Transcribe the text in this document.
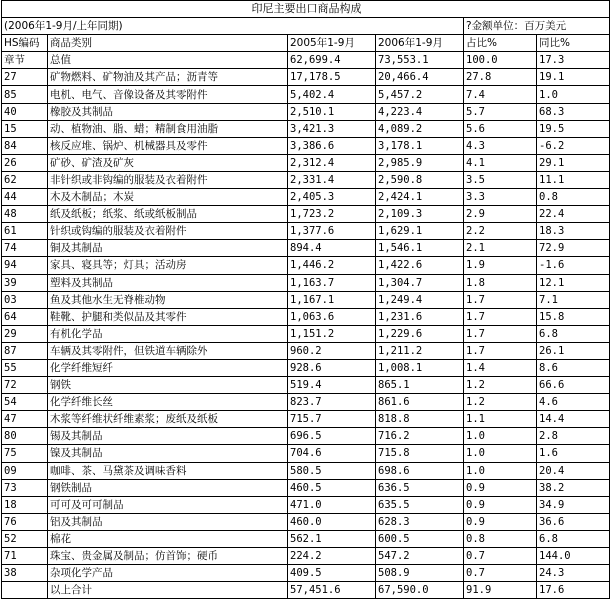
印尼主要出口商品构成					
(2006年1-9月/上年同期)				?金额单位：百万美元	
HS编码	商品类别	2005年1-9月	2006年1-9月	占比%	同比%
章节	总值	62,699.4	73,553.1	100.0	17.3
27	矿物燃料、矿物油及其产品；沥青等	17,178.5	20,466.4	27.8	19.1
85	电机、电气、音像设备及其零附件	5,402.4	5,457.2	7.4	1.0
40	橡胶及其制品	2,510.1	4,223.4	5.7	68.3
15	动、植物油、脂、蜡；精制食用油脂	3,421.3	4,089.2	5.6	19.5
84	核反应堆、锅炉、机械器具及零件	3,386.6	3,178.1	4.3	-6.2
26	矿砂、矿渣及矿灰	2,312.4	2,985.9	4.1	29.1
62	非针织或非钩编的服装及衣着附件	2,331.4	2,590.8	3.5	11.1
44	木及木制品；木炭	2,405.3	2,424.1	3.3	0.8
48	纸及纸板；纸浆、纸或纸板制品	1,723.2	2,109.3	2.9	22.4
61	针织或钩编的服装及衣着附件	1,377.6	1,629.1	2.2	18.3
74	铜及其制品	894.4	1,546.1	2.1	72.9
94	家具、寝具等；灯具；活动房	1,446.2	1,422.6	1.9	-1.6
39	塑料及其制品	1,163.7	1,304.7	1.8	12.1
03	鱼及其他水生无脊椎动物	1,167.1	1,249.4	1.7	7.1
64	鞋靴、护腿和类似品及其零件	1,063.6	1,231.6	1.7	15.8
29	有机化学品	1,151.2	1,229.6	1.7	6.8
87	车辆及其零附件，但铁道车辆除外	960.2	1,211.2	1.7	26.1
55	化学纤维短纤	928.6	1,008.1	1.4	8.6
72	钢铁	519.4	865.1	1.2	66.6
54	化学纤维长丝	823.7	861.6	1.2	4.6
47	木浆等纤维状纤维素浆；废纸及纸板	715.7	818.8	1.1	14.4
80	锡及其制品	696.5	716.2	1.0	2.8
75	镍及其制品	704.6	715.8	1.0	1.6
09	咖啡、茶、马黛茶及调味香料	580.5	698.6	1.0	20.4
73	钢铁制品	460.5	636.5	0.9	38.2
18	可可及可可制品	471.0	635.5	0.9	34.9
76	铝及其制品	460.0	628.3	0.9	36.6
52	棉花	562.1	600.5	0.8	6.8
71	珠宝、贵金属及制品；仿首饰；硬币	224.2	547.2	0.7	144.0
38	杂项化学产品	409.5	508.9	0.7	24.3
	以上合计	57,451.6	67,590.0	91.9	17.6
